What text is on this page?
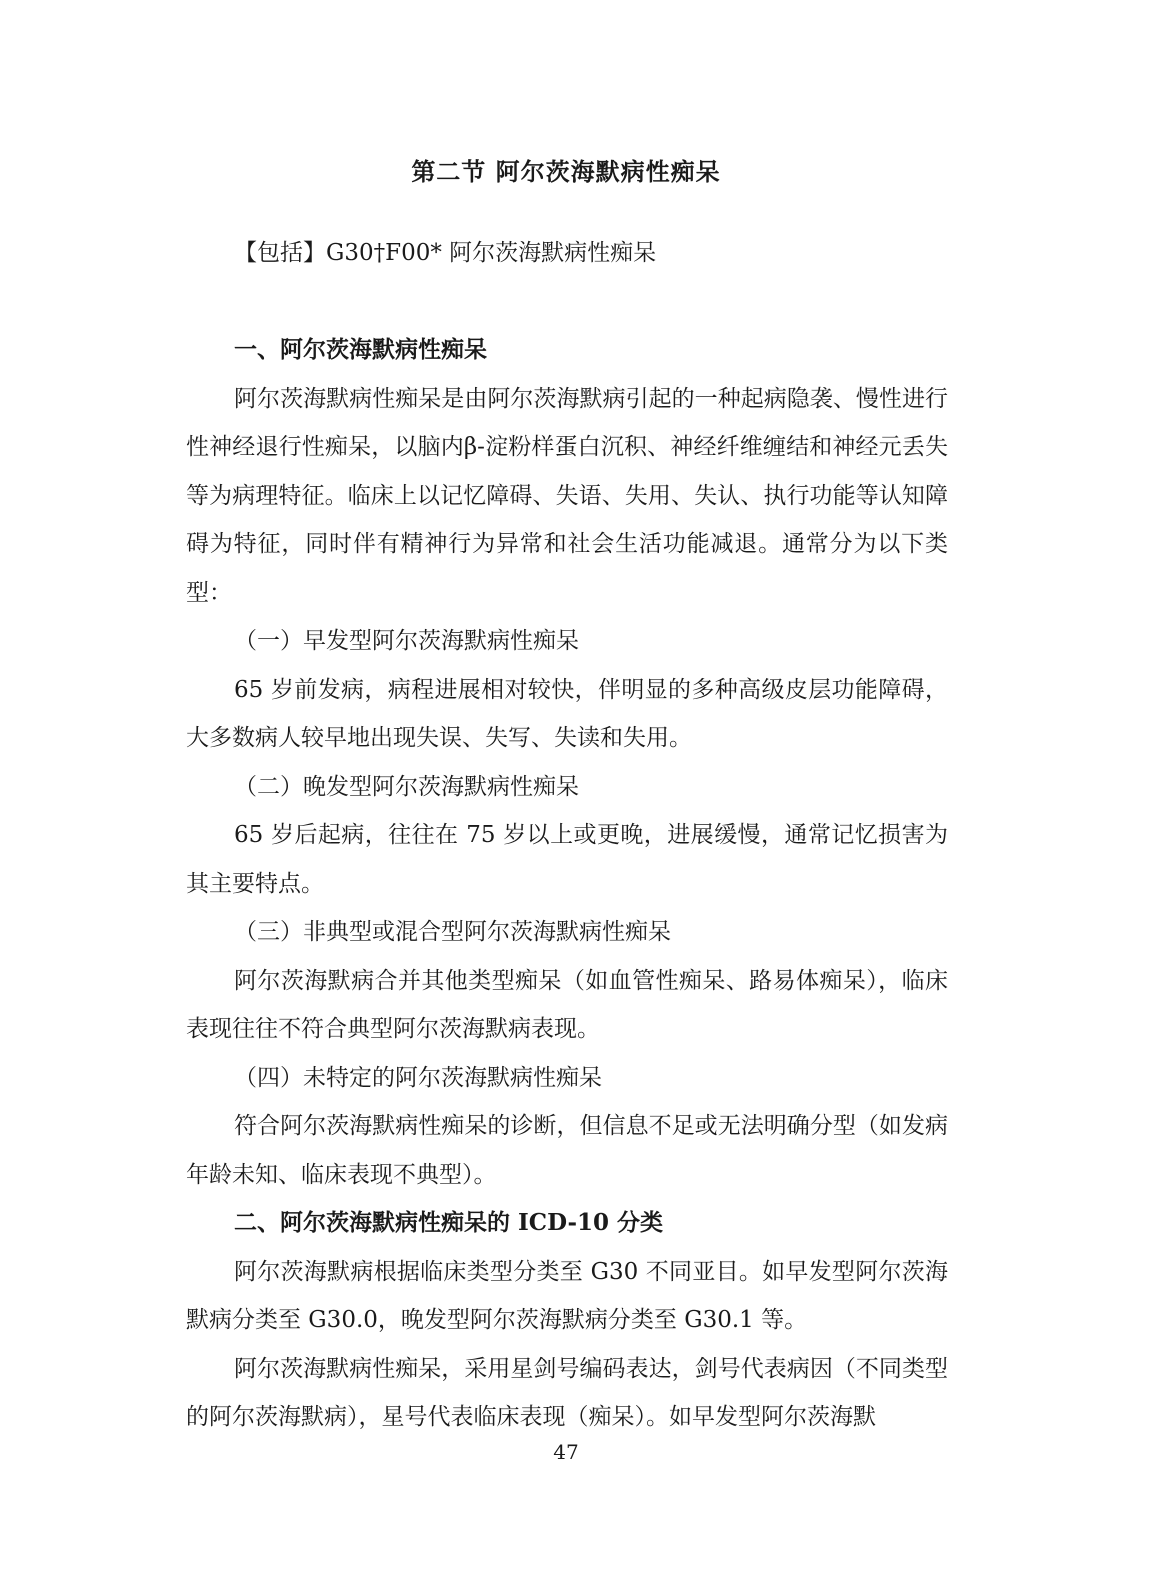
第二节 阿尔茨海默病性痴呆
【包括】G30†F00* 阿尔茨海默病性痴呆

一、阿尔茨海默病性痴呆

阿尔茨海默病性痴呆是由阿尔茨海默病引起的一种起病隐袭、慢性进行性神经退行性痴呆，以脑内β-淀粉样蛋白沉积、神经纤维缠结和神经元丢失等为病理特征。临床上以记忆障碍、失语、失用、失认、执行功能等认知障碍为特征，同时伴有精神行为异常和社会生活功能减退。通常分为以下类型：

（一）早发型阿尔茨海默病性痴呆

65 岁前发病，病程进展相对较快，伴明显的多种高级皮层功能障碍，大多数病人较早地出现失误、失写、失读和失用。

（二）晚发型阿尔茨海默病性痴呆

65 岁后起病，往往在 75 岁以上或更晚，进展缓慢，通常记忆损害为其主要特点。

（三）非典型或混合型阿尔茨海默病性痴呆

阿尔茨海默病合并其他类型痴呆（如血管性痴呆、路易体痴呆），临床表现往往不符合典型阿尔茨海默病表现。

（四）未特定的阿尔茨海默病性痴呆

符合阿尔茨海默病性痴呆的诊断，但信息不足或无法明确分型（如发病年龄未知、临床表现不典型）。

二、阿尔茨海默病性痴呆的 ICD-10 分类

阿尔茨海默病根据临床类型分类至 G30 不同亚目。如早发型阿尔茨海默病分类至 G30.0，晚发型阿尔茨海默病分类至 G30.1 等。

阿尔茨海默病性痴呆，采用星剑号编码表达，剑号代表病因（不同类型的阿尔茨海默病），星号代表临床表现（痴呆）。如早发型阿尔茨海默

47
